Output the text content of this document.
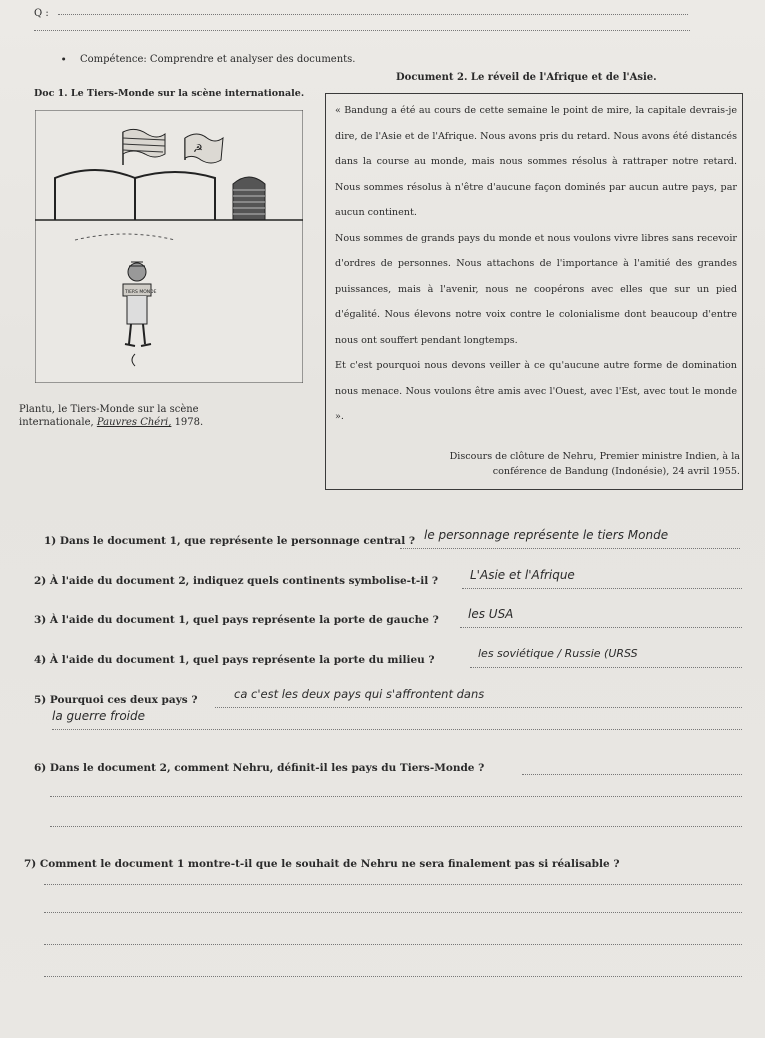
Q :
● Compétence: Comprendre et analyser des documents.
Doc 1. Le Tiers-Monde sur la scène internationale.
☭
TIERS MONDE
Plantu, le Tiers-Monde sur la scène
internationale, Pauvres Chéri, 1978.
Document 2. Le réveil de l'Afrique et de l'Asie.

« Bandung a été au cours de cette semaine le point de mire, la capitale devrais-je dire, de l'Asie et de l'Afrique. Nous avons pris du retard. Nous avons été distancés dans la course au monde, mais nous sommes résolus à rattraper notre retard. Nous sommes résolus à n'être d'aucune façon dominés par aucun autre pays, par aucun continent.

Nous sommes de grands pays du monde et nous voulons vivre libres sans recevoir d'ordres de personnes. Nous attachons de l'importance à l'amitié des grandes puissances, mais à l'avenir, nous ne coopérons avec elles que sur un pied d'égalité. Nous élevons notre voix contre le colonialisme dont beaucoup d'entre nous ont souffert pendant longtemps.

Et c'est pourquoi nous devons veiller à ce qu'aucune autre forme de domination nous menace. Nous voulons être amis avec l'Ouest, avec l'Est, avec tout le monde ».

Discours de clôture de Nehru, Premier ministre Indien, à la
conférence de Bandung (Indonésie), 24 avril 1955.
1) Dans le document 1, que représente le personnage central ? le personnage représente le tiers Monde
2) À l'aide du document 2, indiquez quels continents symbolise-t-il ?	L'Asie et l'Afrique
3) À l'aide du document 1, quel pays représente la porte de gauche ? les USA
4) À l'aide du document 1, quel pays représente la porte du milieu ?	les soviétique / Russie (URSS
5) Pourquoi ces deux pays ?	ca c'est les deux pays qui s'affrontent dans
la guerre froide
6) Dans le document 2, comment Nehru, définit-il les pays du Tiers-Monde ?
7) Comment le document 1 montre-t-il que le souhait de Nehru ne sera finalement pas si réalisable ?
